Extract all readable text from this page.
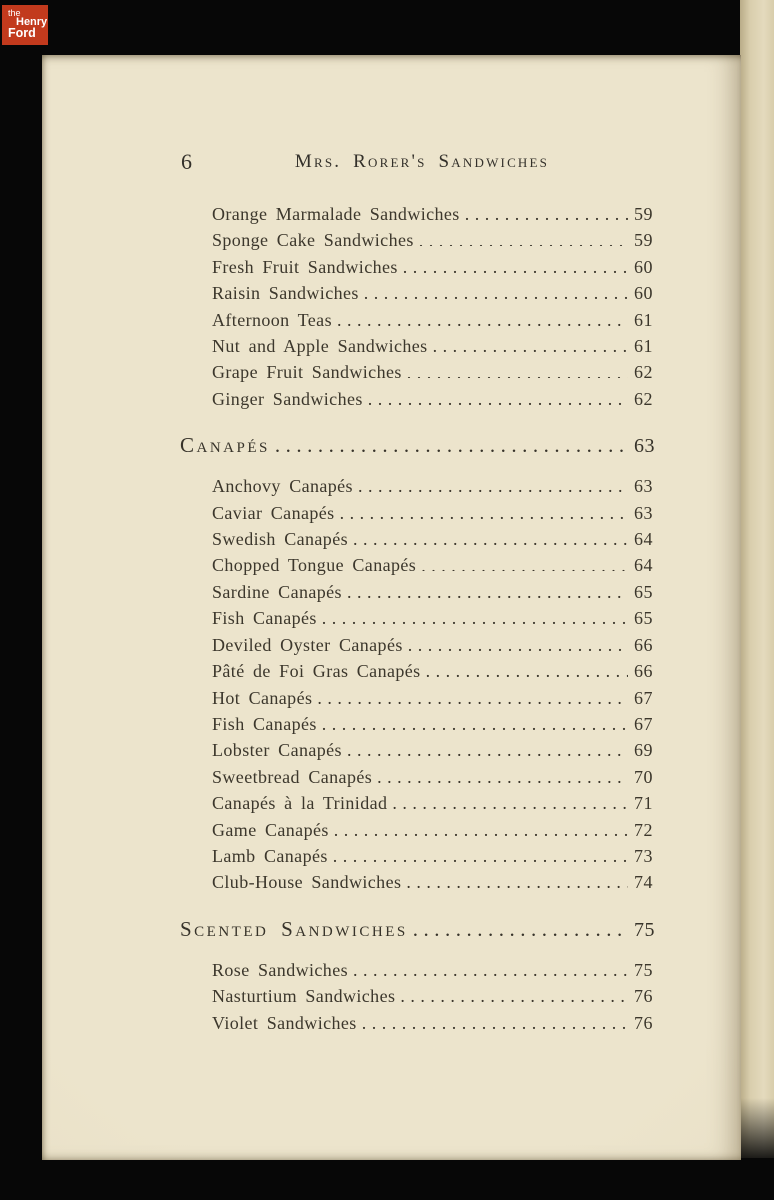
6	Mrs. Rorer's Sandwiches
Orange Marmalade Sandwiches .....	59
Sponge Cake Sandwiches .....	59
Fresh Fruit Sandwiches .....	60
Raisin Sandwiches .....	60
Afternoon Teas .....	61
Nut and Apple Sandwiches .....	61
Grape Fruit Sandwiches .....	62
Ginger Sandwiches .....	62
Canapés .....	63
Anchovy Canapés .....	63
Caviar Canapés .....	63
Swedish Canapés .....	64
Chopped Tongue Canapés .....	64
Sardine Canapés .....	65
Fish Canapés .....	65
Deviled Oyster Canapés .....	66
Pâté de Foi Gras Canapés .....	66
Hot Canapés .....	67
Fish Canapés .....	67
Lobster Canapés .....	69
Sweetbread Canapés .....	70
Canapés à la Trinidad .....	71
Game Canapés .....	72
Lamb Canapés .....	73
Club-House Sandwiches .....	74
Scented Sandwiches .....	75
Rose Sandwiches .....	75
Nasturtium Sandwiches .....	76
Violet Sandwiches .....	76
the
Henry
Ford
